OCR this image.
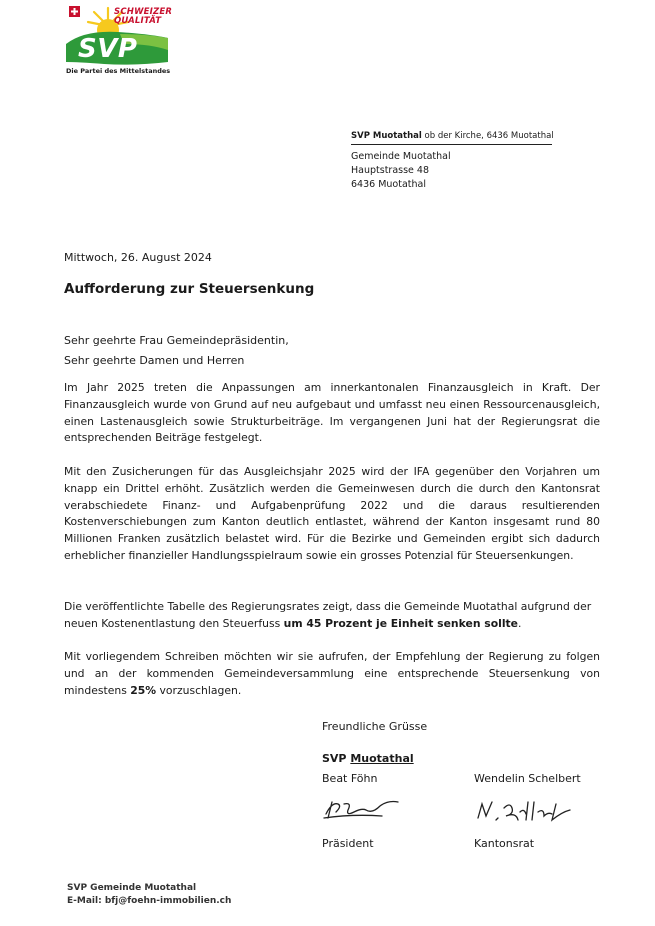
SCHWEIZER
QUALITÄT
SVP
Die Partei des Mittelstandes
SVP Muotathal ob der Kirche, 6436 Muotathal
Gemeinde Muotathal
Hauptstrasse 48
6436 Muotathal
Mittwoch, 26. August 2024
Aufforderung zur Steuersenkung
Sehr geehrte Frau Gemeindepräsidentin,
Sehr geehrte Damen und Herren
Im Jahr 2025 treten die Anpassungen am innerkantonalen Finanzausgleich in Kraft. Der Finanzausgleich wurde von Grund auf neu aufgebaut und umfasst neu einen Ressourcenausgleich, einen Lastenausgleich sowie Strukturbeiträge. Im vergangenen Juni hat der Regierungsrat die entsprechenden Beiträge festgelegt.
Mit den Zusicherungen für das Ausgleichsjahr 2025 wird der IFA gegenüber den Vorjahren um knapp ein Drittel erhöht. Zusätzlich werden die Gemeinwesen durch die durch den Kantonsrat verabschiedete Finanz- und Aufgabenprüfung 2022 und die daraus resultierenden Kostenverschiebungen zum Kanton deutlich entlastet, während der Kanton insgesamt rund 80 Millionen Franken zusätzlich belastet wird. Für die Bezirke und Gemeinden ergibt sich dadurch erheblicher finanzieller Handlungsspielraum sowie ein grosses Potenzial für Steuersenkungen.
Die veröffentlichte Tabelle des Regierungsrates zeigt, dass die Gemeinde Muotathal aufgrund der neuen Kostenentlastung den Steuerfuss um 45 Prozent je Einheit senken sollte.
Mit vorliegendem Schreiben möchten wir sie aufrufen, der Empfehlung der Regierung zu folgen und an der kommenden Gemeindeversammlung eine entsprechende Steuersenkung von mindestens 25% vorzuschlagen.
Freundliche Grüsse
SVP Muotathal
Beat Föhn	Wendelin Schelbert
Präsident	Kantonsrat
SVP Gemeinde Muotathal
E-Mail: bfj@foehn-immobilien.ch
